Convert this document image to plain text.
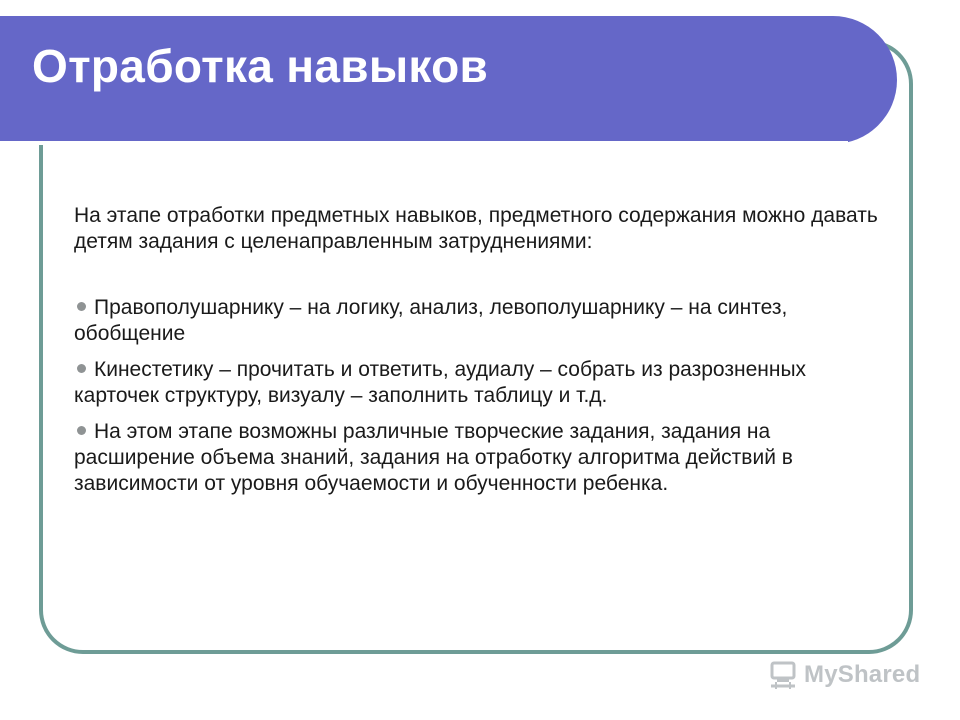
Отработка навыков

На этапе отработки предметных навыков, предметного содержания можно давать детям задания с целенаправленным затруднениями:

Правополушарнику – на логику, анализ, левополушарнику – на синтез, обобщение
Кинестетику – прочитать и ответить, аудиалу – собрать из разрозненных карточек структуру, визуалу – заполнить таблицу и т.д.
На этом этапе возможны различные творческие задания, задания на расширение объема знаний, задания на отработку алгоритма действий в зависимости от уровня обучаемости и обученности ребенка.
MyShared
